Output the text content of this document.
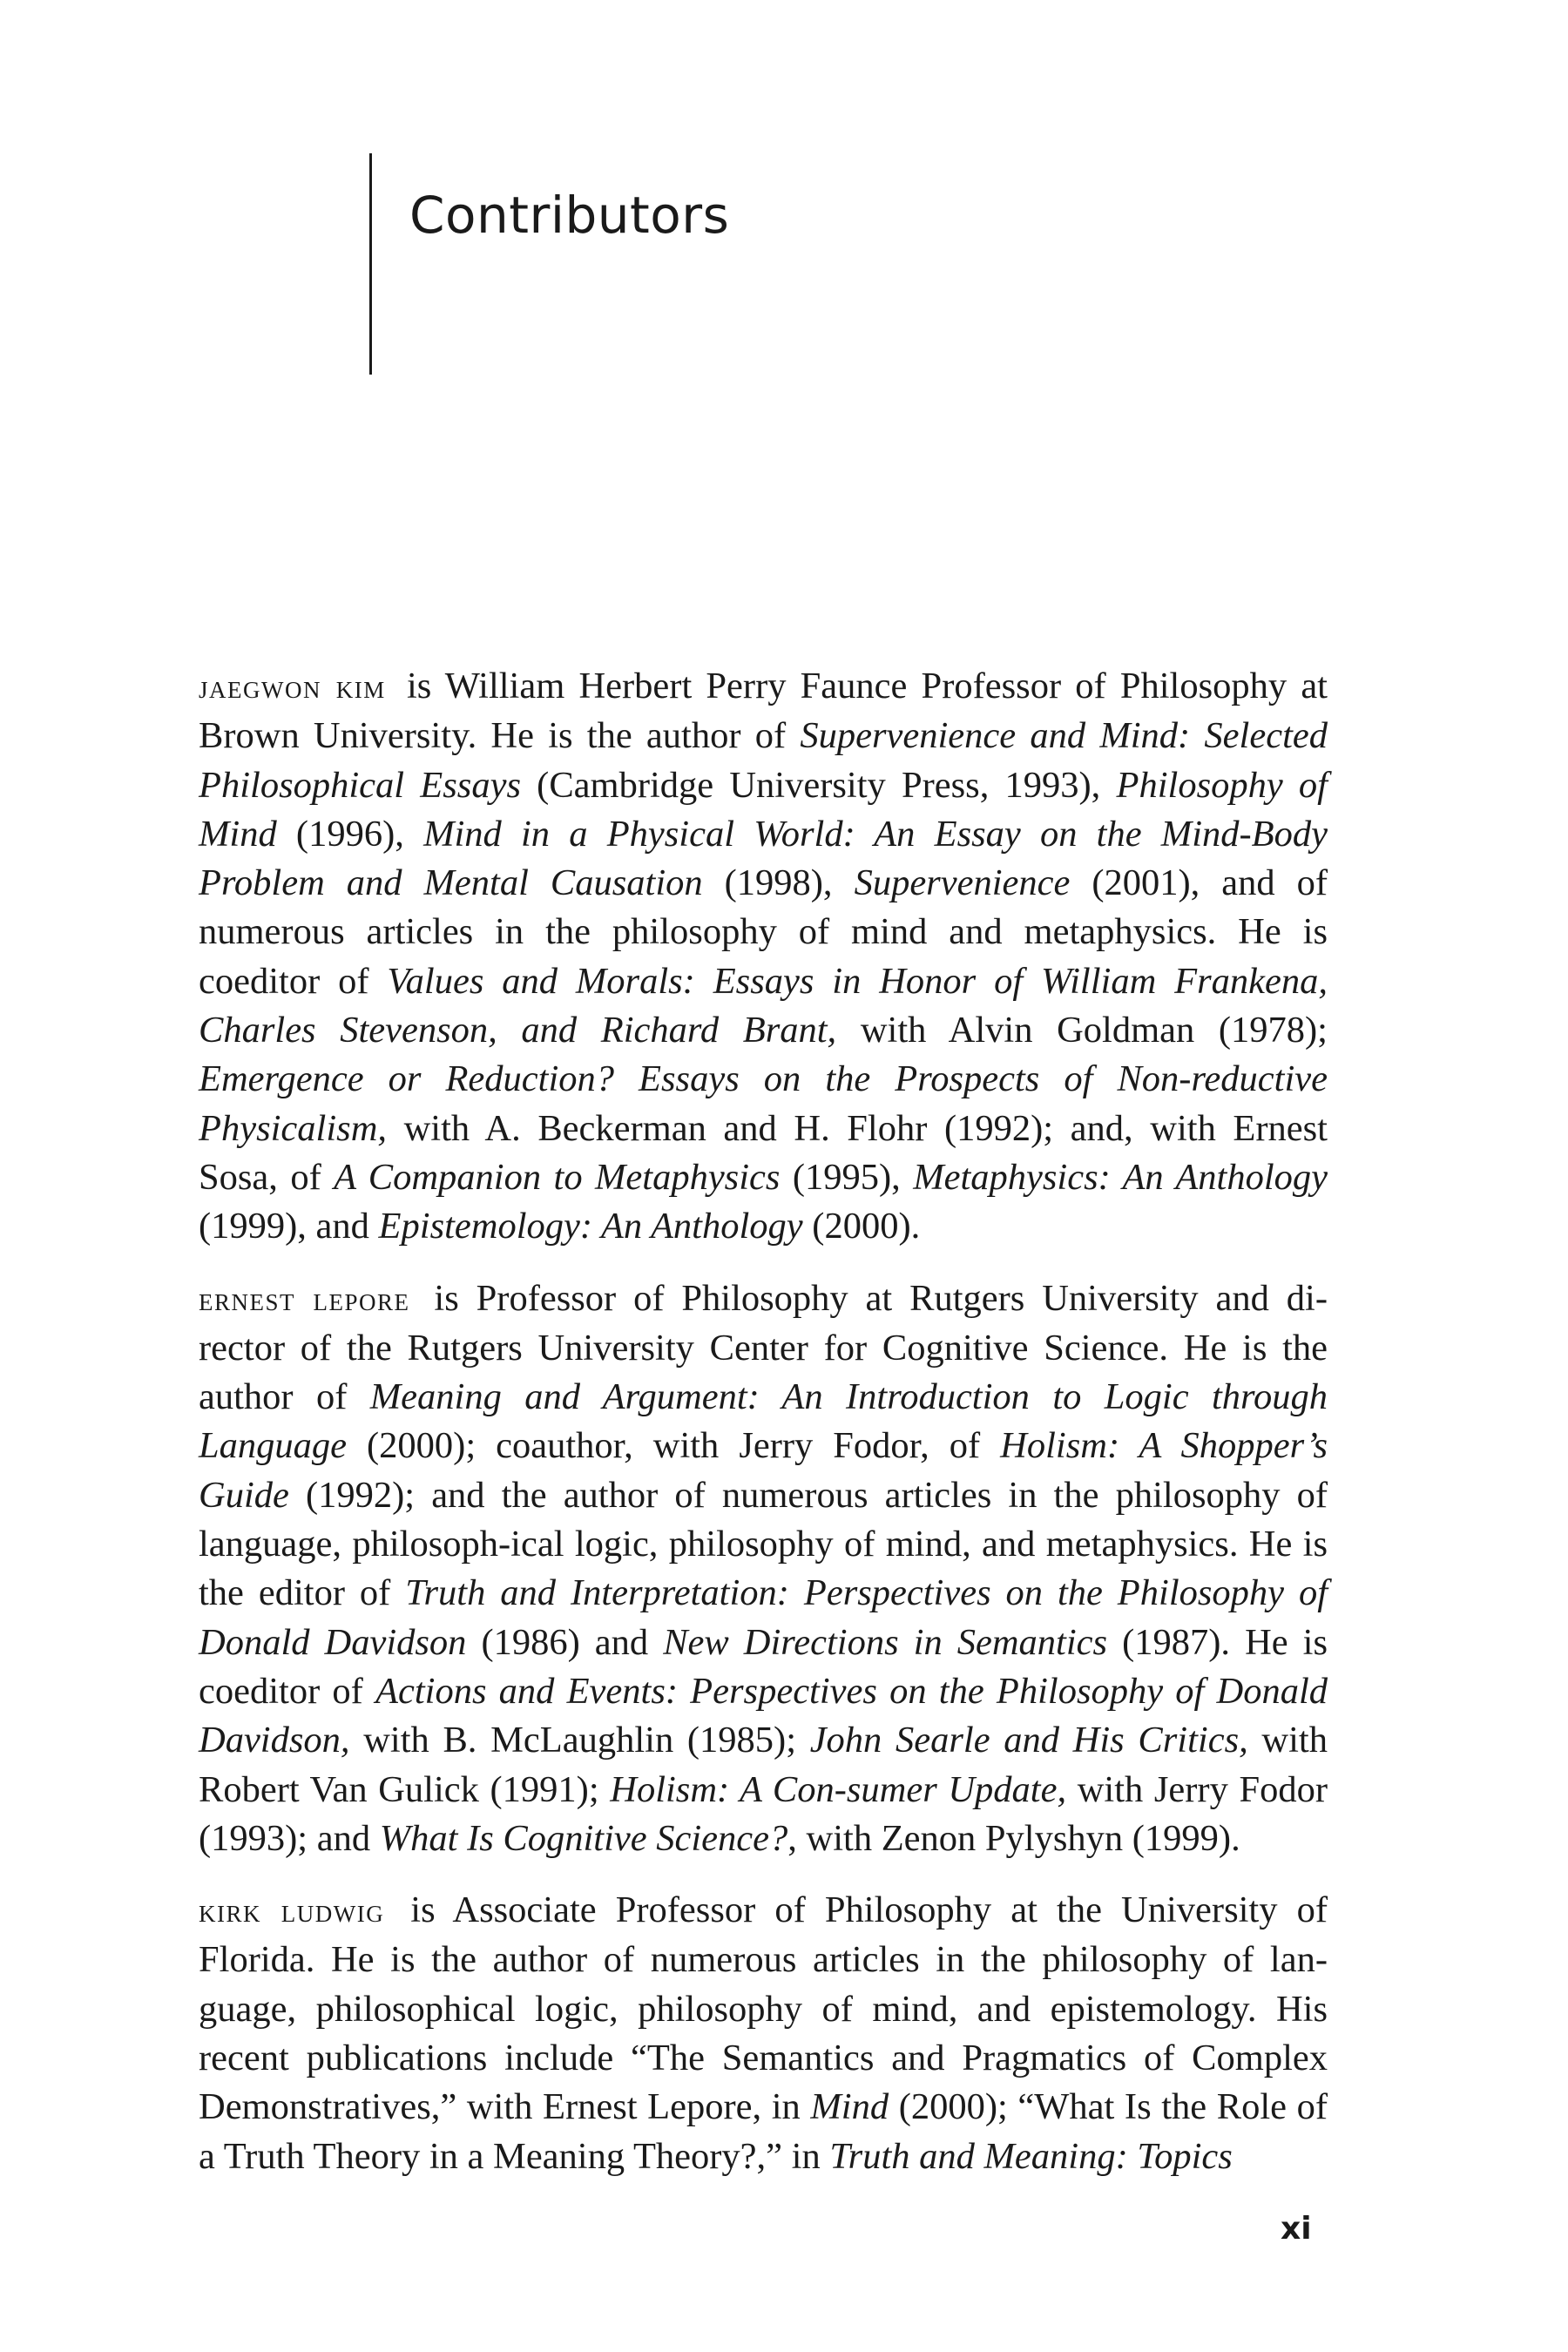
Contributors

jaegwon kim is William Herbert Perry Faunce Professor of Philosophy at Brown University. He is the author of Supervenience and Mind: Selected Philosophical Essays (Cambridge University Press, 1993), Philosophy of Mind (1996), Mind in a Physical World: An Essay on the Mind-Body Problem and Mental Causation (1998), Supervenience (2001), and of numerous articles in the philosophy of mind and metaphysics. He is coeditor of Values and Morals: Essays in Honor of William Frankena, Charles Stevenson, and Richard Brant, with Alvin Goldman (1978); Emergence or Reduction? Essays on the Prospects of Non-reductive Physicalism, with A. Beckerman and H. Flohr (1992); and, with Ernest Sosa, of A Companion to Metaphysics (1995), Metaphysics: An Anthology (1999), and Epistemology: An Anthology (2000).

ernest lepore is Professor of Philosophy at Rutgers University and di-rector of the Rutgers University Center for Cognitive Science. He is the author of Meaning and Argument: An Introduction to Logic through Language (2000); coauthor, with Jerry Fodor, of Holism: A Shopper’s Guide (1992); and the author of numerous articles in the philosophy of language, philosoph-ical logic, philosophy of mind, and metaphysics. He is the editor of Truth and Interpretation: Perspectives on the Philosophy of Donald Davidson (1986) and New Directions in Semantics (1987). He is coeditor of Actions and Events: Perspectives on the Philosophy of Donald Davidson, with B. McLaughlin (1985); John Searle and His Critics, with Robert Van Gulick (1991); Holism: A Con-sumer Update, with Jerry Fodor (1993); and What Is Cognitive Science?, with Zenon Pylyshyn (1999).

kirk ludwig is Associate Professor of Philosophy at the University of Florida. He is the author of numerous articles in the philosophy of lan-guage, philosophical logic, philosophy of mind, and epistemology. His recent publications include “The Semantics and Pragmatics of Complex Demonstratives,” with Ernest Lepore, in Mind (2000); “What Is the Role of a Truth Theory in a Meaning Theory?,” in Truth and Meaning: Topics

xi
